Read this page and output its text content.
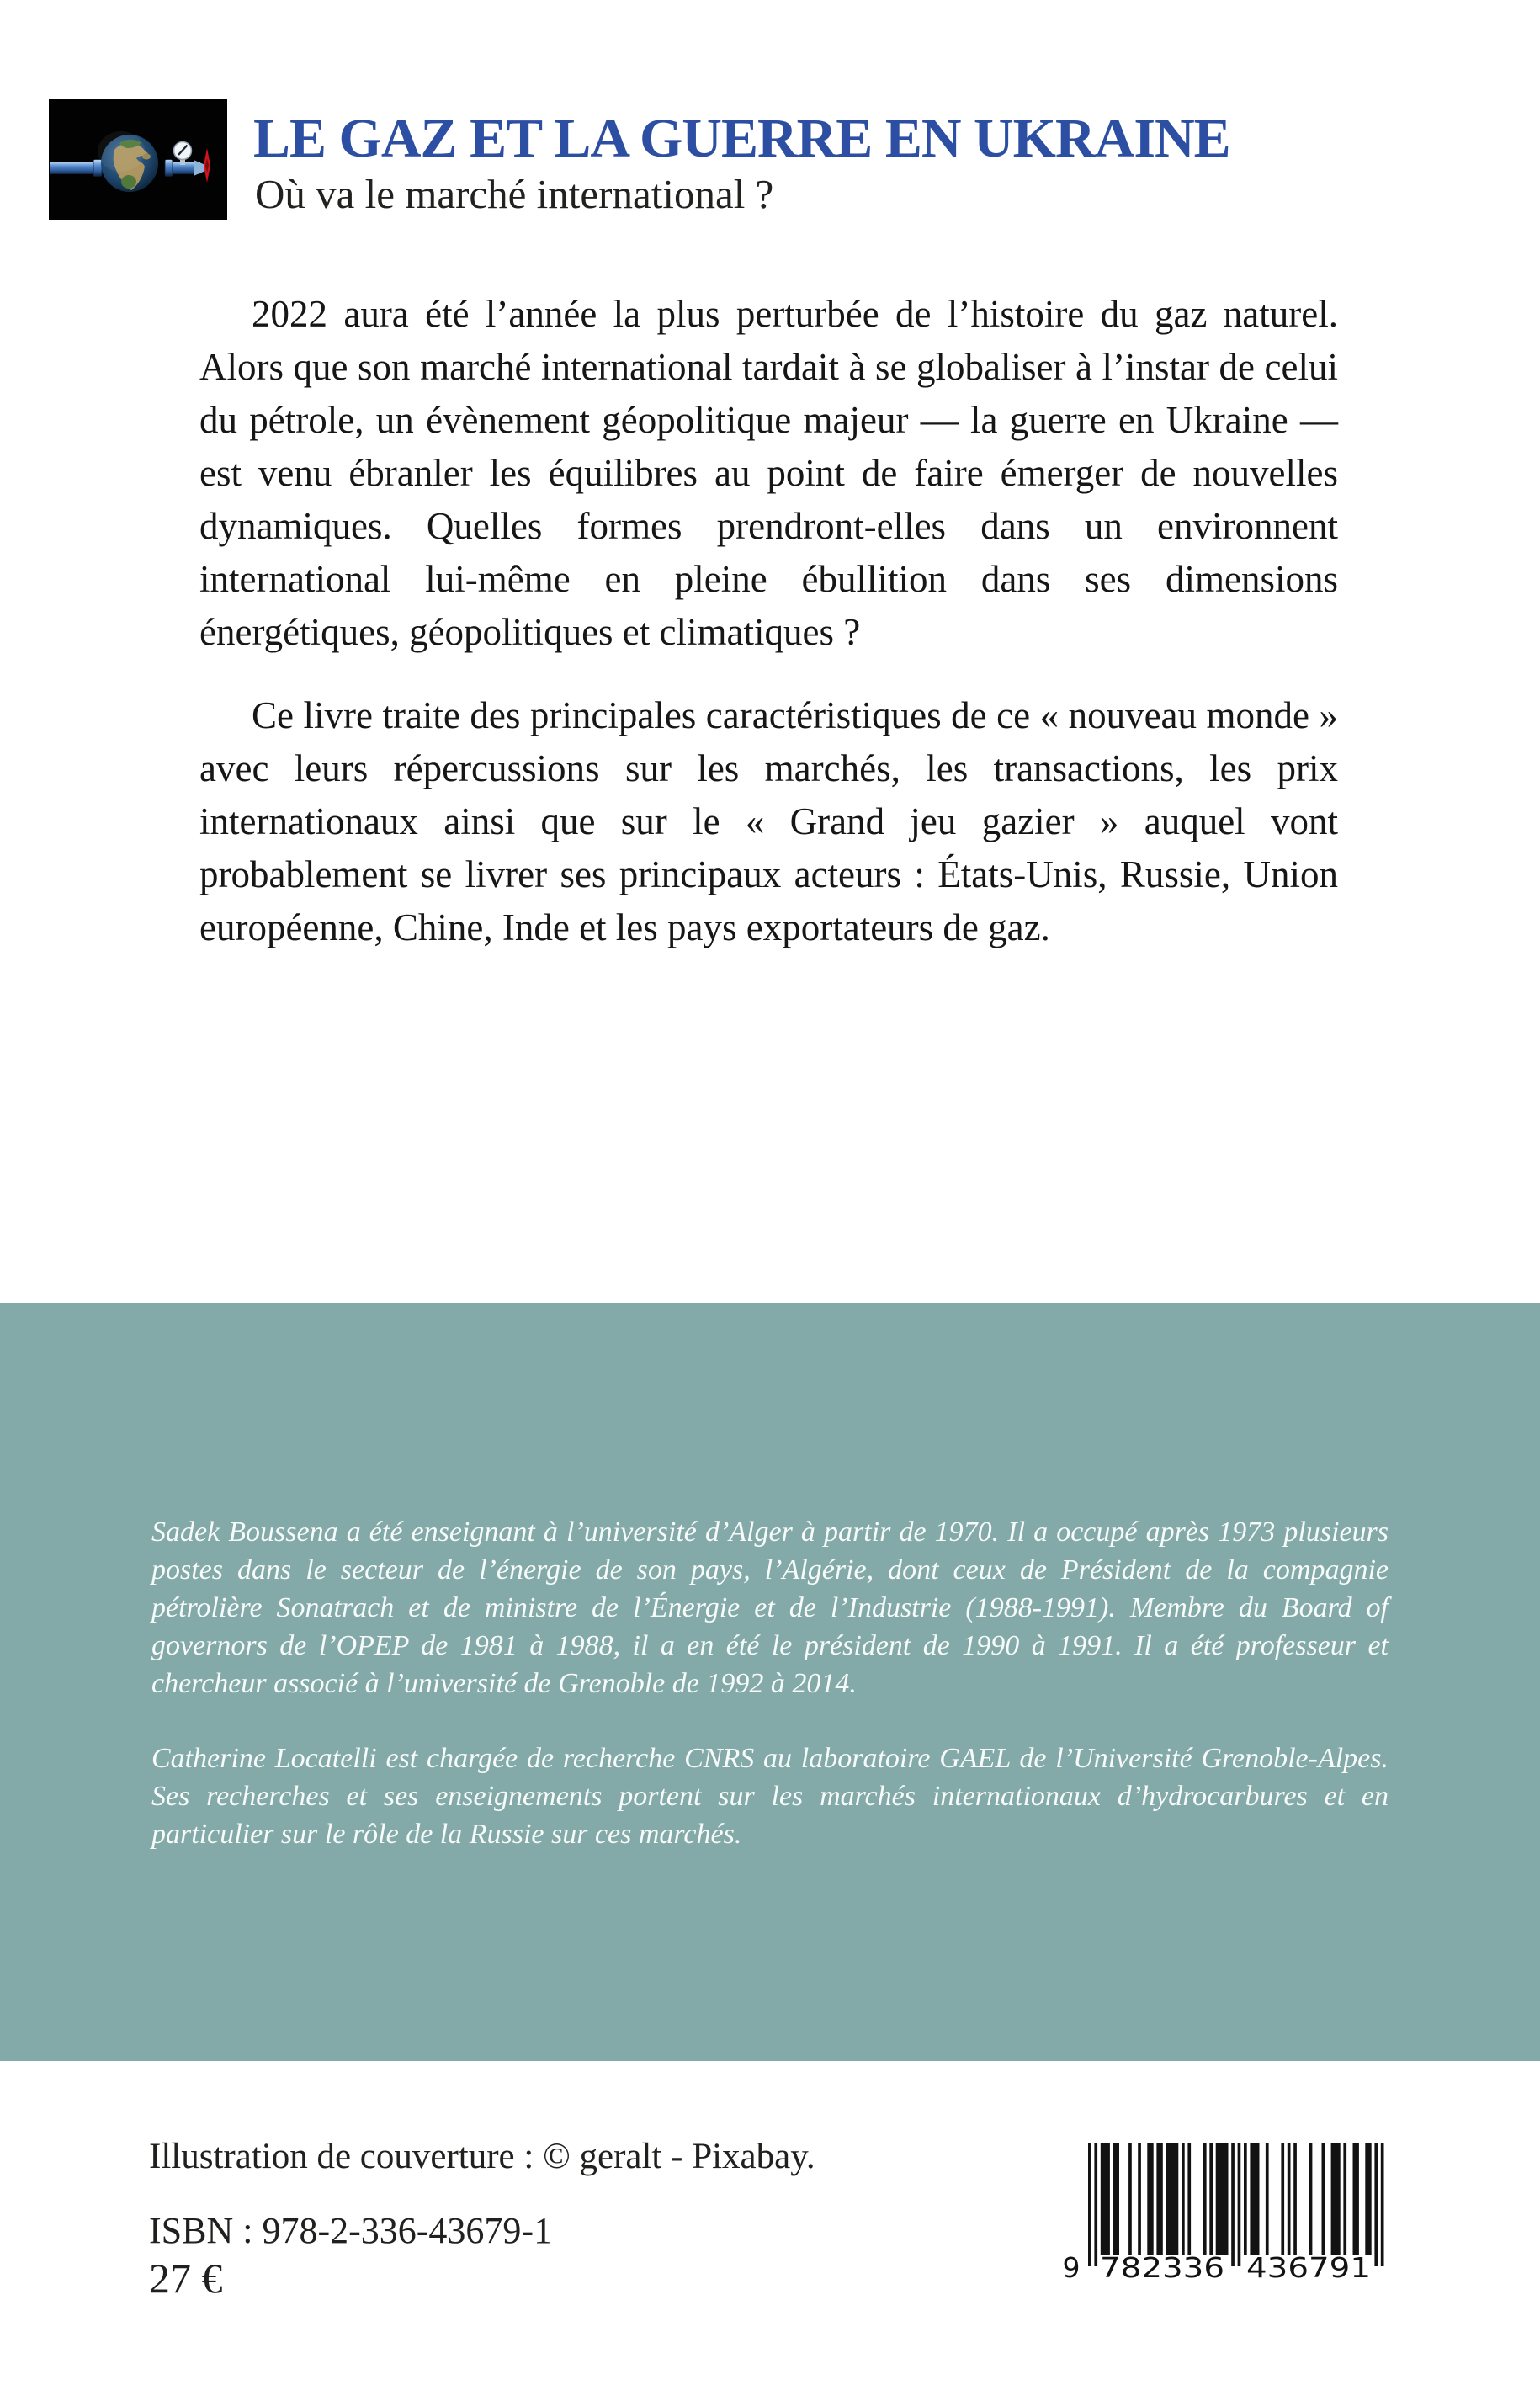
LE GAZ ET LA GUERRE EN UKRAINE
Où va le marché international ?

2022 aura été l’année la plus perturbée de l’histoire du gaz naturel. Alors que son marché international tardait à se globaliser à l’instar de celui du pétrole, un évènement géopolitique majeur — la guerre en Ukraine — est venu ébranler les équilibres au point de faire émerger de nouvelles dynamiques. Quelles formes prendront-elles dans un environnent international lui-même en pleine ébullition dans ses dimensions énergétiques, géopolitiques et climatiques ?

Ce livre traite des principales caractéristiques de ce « nouveau monde » avec leurs répercussions sur les marchés, les transactions, les prix internationaux ainsi que sur le « Grand jeu gazier » auquel vont probablement se livrer ses principaux acteurs : États-Unis, Russie, Union européenne, Chine, Inde et les pays exportateurs de gaz.

Sadek Boussena a été enseignant à l’université d’Alger à partir de 1970. Il a occupé après 1973 plusieurs postes dans le secteur de l’énergie de son pays, l’Algérie, dont ceux de Président de la compagnie pétrolière Sonatrach et de ministre de l’Énergie et de l’Industrie (1988-1991). Membre du Board of governors de l’OPEP de 1981 à 1988, il a en été le président de 1990 à 1991. Il a été professeur et chercheur associé à l’université de Grenoble de 1992 à 2014.

Catherine Locatelli est chargée de recherche CNRS au laboratoire GAEL de l’Université Grenoble-Alpes. Ses recherches et ses enseignements portent sur les marchés internationaux d’hydrocarbures et en particulier sur le rôle de la Russie sur ces marchés.

Illustration de couverture : © geralt - Pixabay.

ISBN : 978-2-336-43679-1

27 €	9 782336 436791
